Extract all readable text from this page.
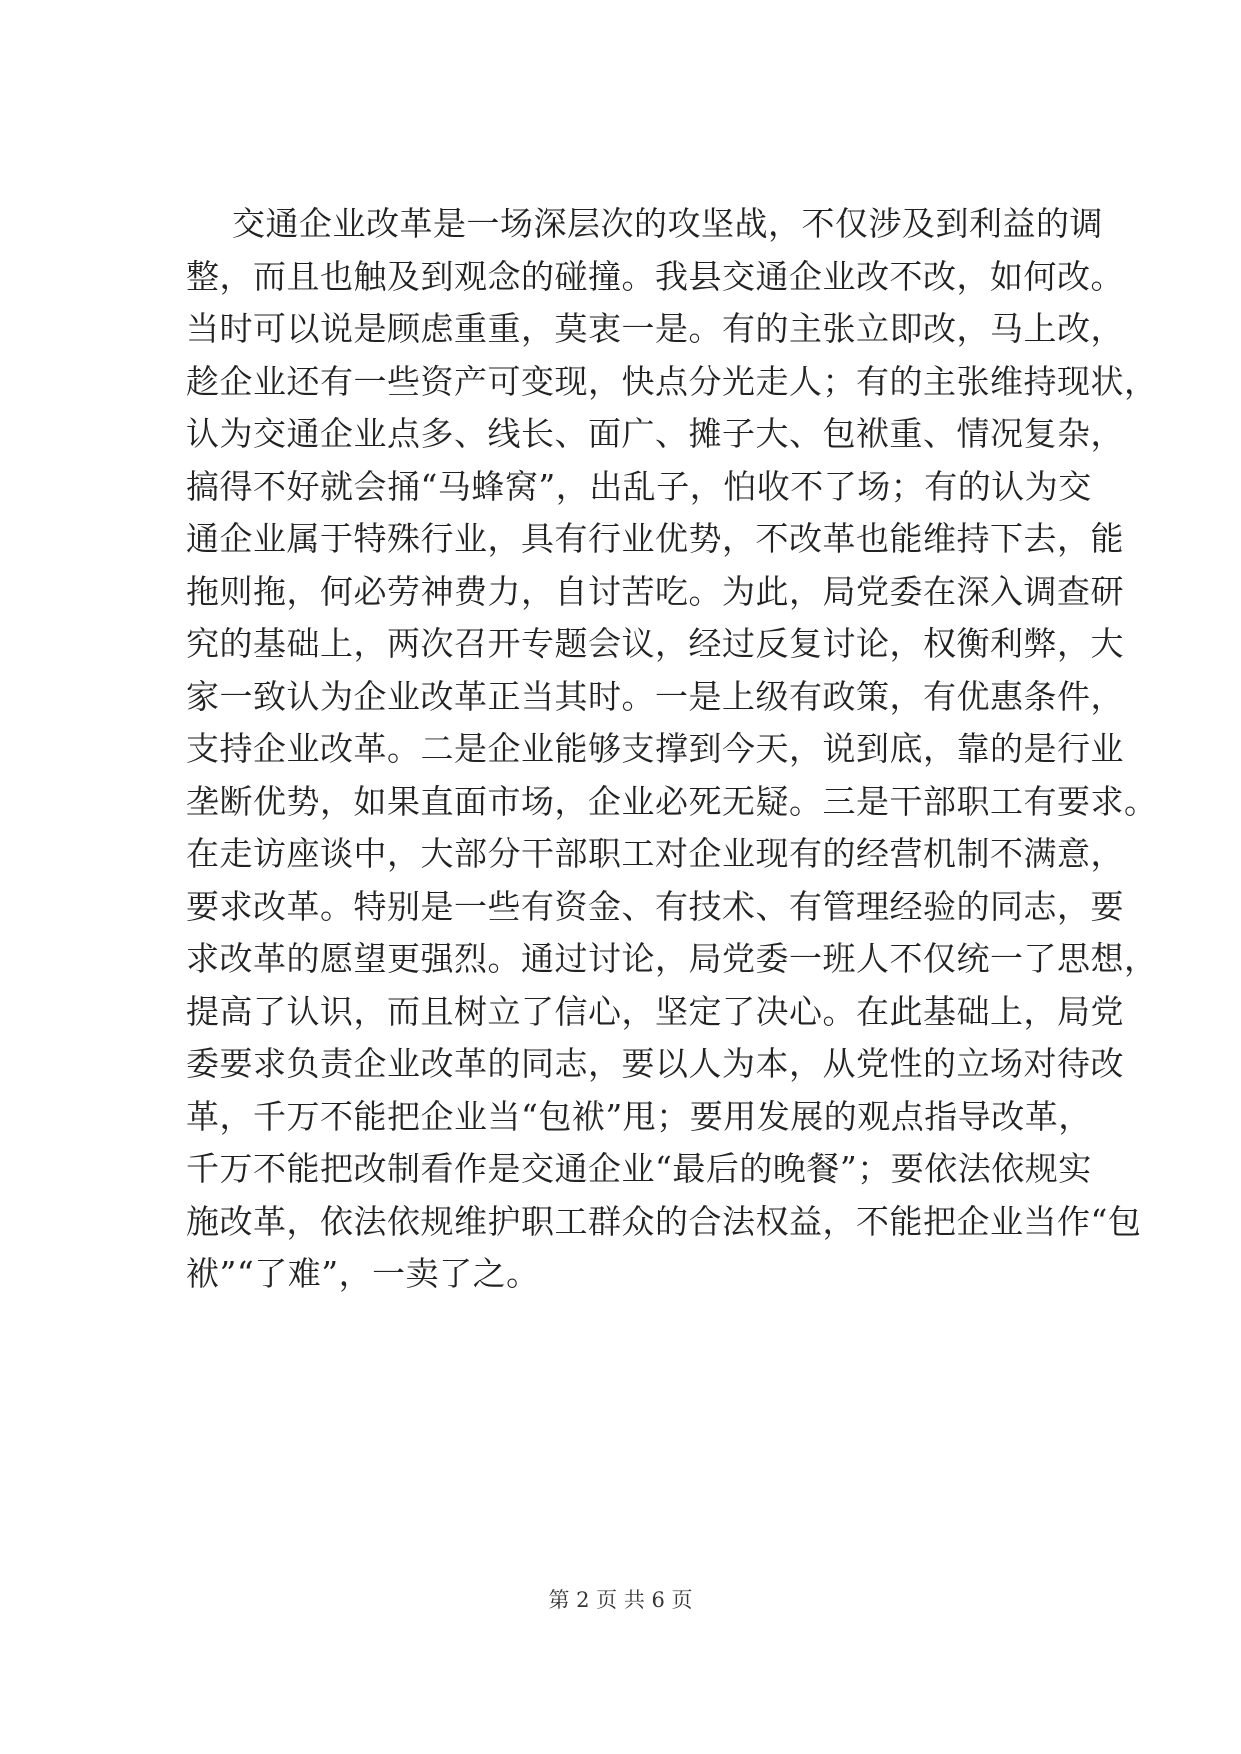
交通企业改革是一场深层次的攻坚战，不仅涉及到利益的调
整，而且也触及到观念的碰撞。我县交通企业改不改，如何改。
当时可以说是顾虑重重，莫衷一是。有的主张立即改，马上改，
趁企业还有一些资产可变现，快点分光走人；有的主张维持现状，
认为交通企业点多、线长、面广、摊子大、包袱重、情况复杂，
搞得不好就会捅“马蜂窝”，出乱子，怕收不了场；有的认为交
通企业属于特殊行业，具有行业优势，不改革也能维持下去，能
拖则拖，何必劳神费力，自讨苦吃。为此，局党委在深入调查研
究的基础上，两次召开专题会议，经过反复讨论，权衡利弊，大
家一致认为企业改革正当其时。一是上级有政策，有优惠条件，
支持企业改革。二是企业能够支撑到今天，说到底，靠的是行业
垄断优势，如果直面市场，企业必死无疑。三是干部职工有要求。
在走访座谈中，大部分干部职工对企业现有的经营机制不满意，
要求改革。特别是一些有资金、有技术、有管理经验的同志，要
求改革的愿望更强烈。通过讨论，局党委一班人不仅统一了思想，
提高了认识，而且树立了信心，坚定了决心。在此基础上，局党
委要求负责企业改革的同志，要以人为本，从党性的立场对待改
革，千万不能把企业当“包袱”甩；要用发展的观点指导改革，
千万不能把改制看作是交通企业“最后的晚餐”；要依法依规实
施改革，依法依规维护职工群众的合法权益，不能把企业当作“包
袱”“了难”，一卖了之。
第 2 页 共 6 页
